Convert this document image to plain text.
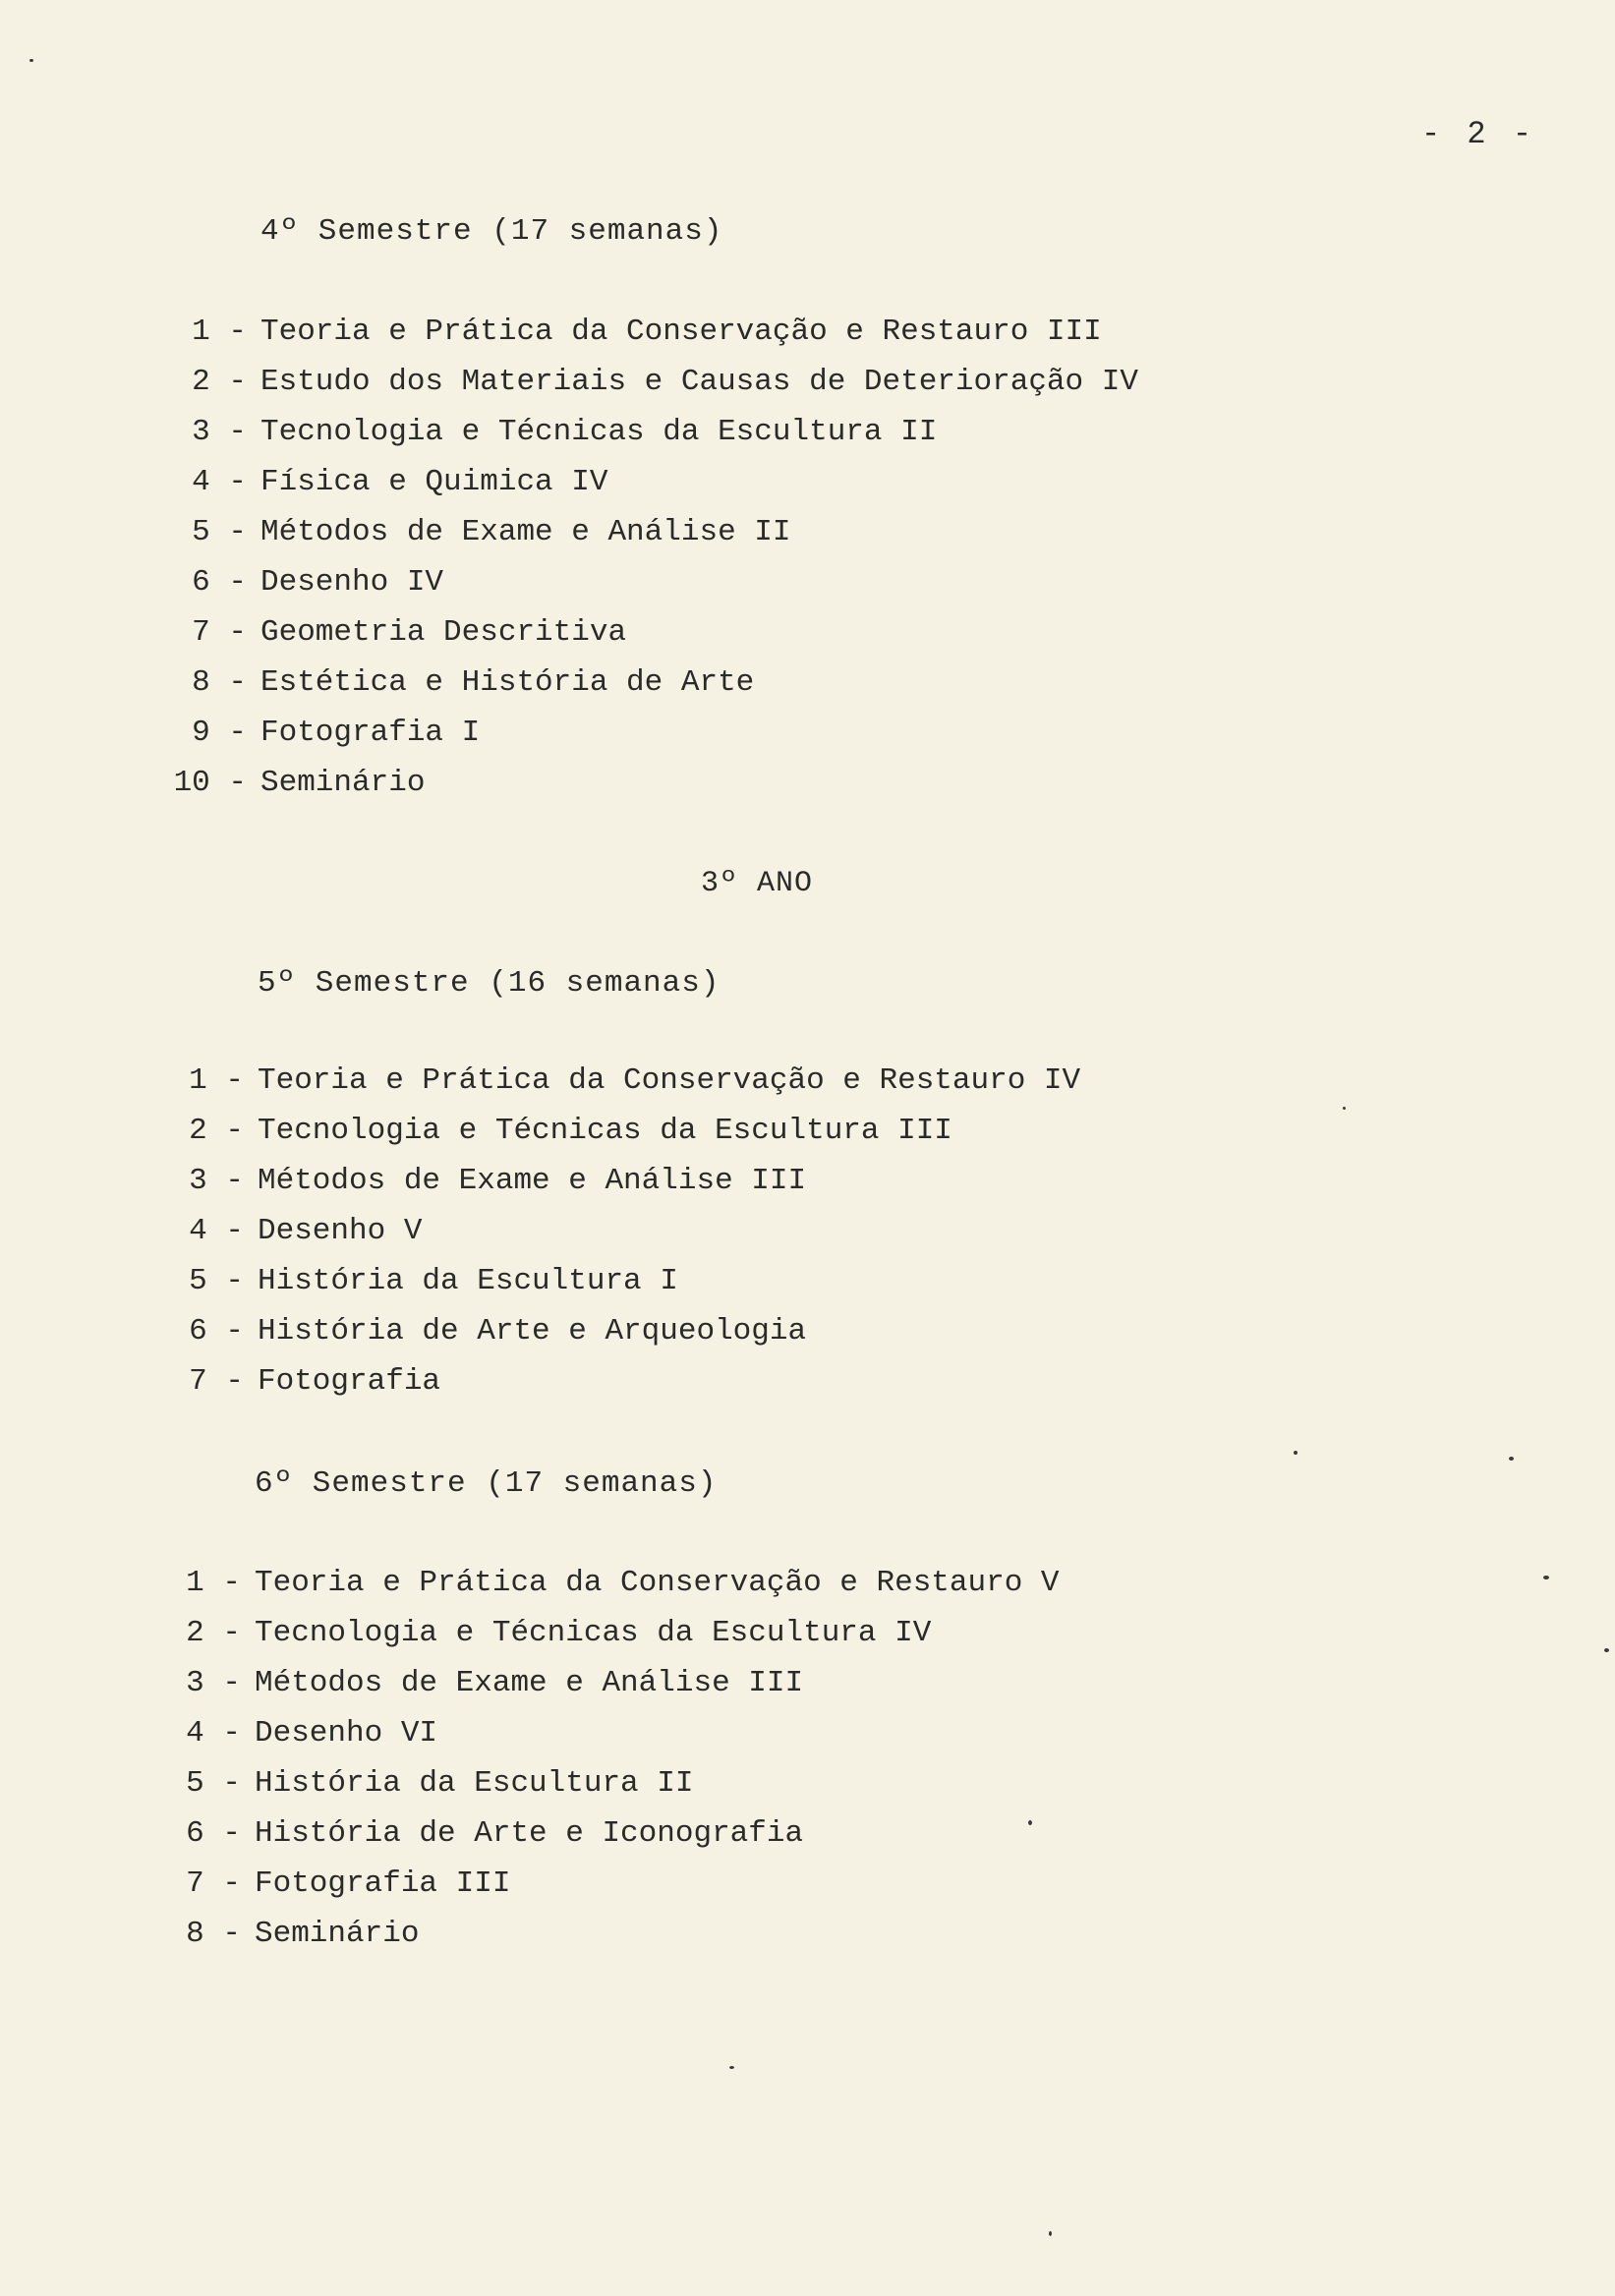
- 2 -
4º Semestre (17 semanas)
1 - Teoria e Prática da Conservação e Restauro III
2 - Estudo dos Materiais e Causas de Deterioração IV
3 - Tecnologia e Técnicas da Escultura II
4 - Física e Quimica IV
5 - Métodos de Exame e Análise II
6 - Desenho IV
7 - Geometria Descritiva
8 - Estética e História de Arte
9 - Fotografia I
10 - Seminário
3º ANO
5º Semestre (16 semanas)
1 - Teoria e Prática da Conservação e Restauro IV
2 - Tecnologia e Técnicas da Escultura III
3 - Métodos de Exame e Análise III
4 - Desenho V
5 - História da Escultura I
6 - História de Arte e Arqueologia
7 - Fotografia
6º Semestre (17 semanas)
1 - Teoria e Prática da Conservação e Restauro V
2 - Tecnologia e Técnicas da Escultura IV
3 - Métodos de Exame e Análise III
4 - Desenho VI
5 - História da Escultura II
6 - História de Arte e Iconografia
7 - Fotografia III
8 - Seminário
